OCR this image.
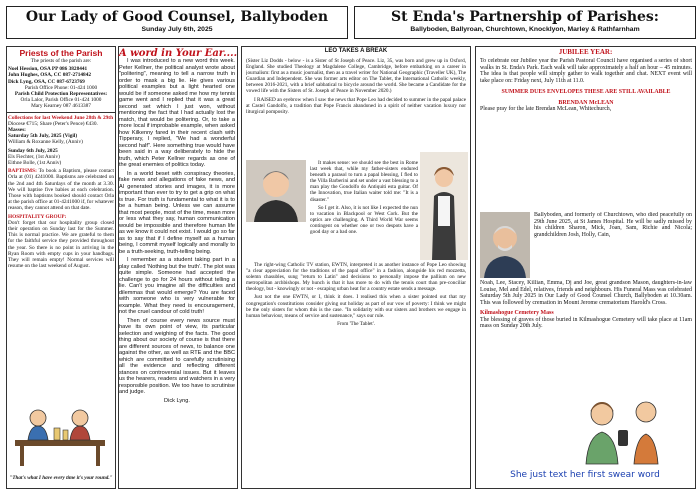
Our Lady of Good Counsel, Ballyboden
Sunday July 6th, 2025
St Enda's Partnership of Parishes:
Ballyboden, Ballyroan, Churchtown, Knocklyon, Marley & Rathfarnham
Priests of the Parish

The priests of the parish are:

Noel Hession, OSA PP 086 3828441
John Hughes, OSA, CC 087-2714842
Dick Lyng, OSA, CC 087-6723769
Parish Office Phone: 01-424 1000
Parish Child Protection Representatives:
Orla Lalor, Parish Office 01-424 1000

Mary Kearney 087 4613387

Collections for last Weekend June 28th & 29th
Diocese €715; Share (Peter's Pence) €430.
Masses:
Saturday 5th July, 2025 (Vigil)

William & Roxanne Kelly, (Anniv)

Sunday 6th July, 2025
Els Fiechter, (1st Anniv)

Eithne Bolle, (1st Anniv)

BAPTISMS: To book a Baptism, please contact Orla at (01) 4241000. Baptisms are celebrated on the 2nd and 4th Saturdays of the month at 3.30. We will baptise five babies at each celebration. Those with baptisms booked should contact Orla at the parish office at 01-4241000 if, for whatever reason, they cannot attend on that date.

HOSPITALITY GROUP:

Don't forget that our hospitality group closed their operation on Sunday last for the Summer. This is normal practice. We are grateful to them for the faithful service they provided throughout the year. So there is no point in arriving in the Ryan Room with empty cups in your handbags. They will remain empty! Normal services will resume on the last weekend of August.

"That's what I have every time it's your round."
A word in Your Ear....

I was introduced to a new word this week. Peter Kellner, the political analyst wrote about "politering", meaning to tell a narrow truth in order to mask a big lie. He gives various political examples but a light hearted one would be if someone asked me how my tennis game went and I replied that it was a great second set which I just won, without mentioning the fact that I had actually lost the match, that would be politering. Or, to take a more local if improbable example, when asked how Kilkenny fared in their recent clash with Tipperary, I replied, "We had a wonderful second half". Here something true would have been said in a way deliberately to hide the truth, which Peter Kellner regards as one of the great enemies of politics today.

In a world beset with conspiracy theories, fake news and allegations of fake news, and AI generated stories and images, it is more important than ever to try to get a grip on what is true. For truth is fundamental to what it is to be a human being. Unless we can assume that most people, most of the time, mean more or less what they say, human communication would be impossible and therefore human life as we know it could not exist. I would go so far as to say that if I define myself as a human being, I commit myself logically and morally to be a truth-seeking, truth-telling being.

I remember as a student taking part in a play called 'Nothing but the truth'. The plot was quite simple. Someone had accepted the challenge to go for 24 hours without telling a lie. Can't you imagine all the difficulties and dilemmas that would emerge? You are faced with someone who is very vulnerable for example. What they need is encouragement, not the cruel candour of cold truth!

Then of course every news source must have its own point of view, its particular selection and weighing of the facts. The good thing about our society of course is that there are different sources of news, to balance one against the other, as well as RTE and the BBC which are committed to carefully scrutinising all the evidence and reflecting different stances on controversial issues. But it leaves us the hearers, readers and watchers in a very responsible position. We too have to scrutinise and judge.

Dick Lyng.
LEO TAKES A BREAK

(Sister Liz Dodds - below - is a Sister of St Joseph of Peace. Liz, 35, was born and grew up in Oxford, England. She studied Theology at Magdalene College, Cambridge, before embarking on a career in journalism: first as a music journalist, then as a travel writer for National Geographic (Traveller UK), The Guardian and Independent. She was former arts editor on The Tablet, the International Catholic weekly, between 2016-2021, with a brief sabbatical to bicycle around the world. She became a Candidate for the vowed life with the Sisters of St. Joseph of Peace in November 2020.)

I RAISED an eyebrow when I saw the news that Pope Leo had decided to summer in the papal palace at Castel Gandolfo, a tradition that Pope Francis abandoned in a spirit of neither vacation luxury nor liturgical pomposity.

It makes sense: we should see the best in Rome last week that, while my father-sisters endured beneath a parasol to turn a papal blessing, I fled to the Villa Barberini and set under a vast blessing to a man play the Gondolfo do Antiquiti esta guitar. Of the Innovation, true Italian waiter told me: "It is a disaster."

So I get it. Also, it is not like I expected the nun to vacation in Blackpool or West Cork. But the optics are challenging. A Third World War seems contingent on whether one or two despots have a good day or a bad one.

The right-wing Catholic TV station, EWTN, interpreted it as another instance of Pope Leo showing "a clear appreciation for the traditions of the papal office" in a fashion, alongside his red mozzetta, solemn chasubles, sung "return to Latin" and decisions to personally impose the pallium on new metropolitan archbishops. My hunch is that it has more to do with the tennis court than pre-conciliar theology, but - knowingly or not - escaping urban heat for a country estate sends a message.

Just not the one EWTN, or I, think it does. I realised this when a sister pointed out that my congregation's constitutions consider giving out holiday as part of our vow of poverty: I think we might be the only sisters for whom this is the case. "In solidarity with our sisters and brothers we engage in human behaviour, means of service and sustenance," says our rule.

From 'The Tablet'.
JUBILEE YEAR:

To celebrate our Jubilee year the Parish Pastoral Council have organised a series of short walks in St. Enda's Park. Each walk will take approximately a half an hour – 45 minutes. The idea is that people will simply gather to walk together and chat. NEXT event will take place on: Friday next, July 11th at 11.0.

SUMMER DUES ENVELOPES THESE ARE STILL AVAILABLE

BRENDAN McLEAN
Please pray for the late Brendan McLean, Whitechurch,
Ballyboden, and formerly of Churchtown, who died peacefully on 29th June 2025, at St James Hospital. He will be sadly missed by his children Sharon, Mick, Joan, Sam, Richie and Nicola; grandchildren Josh, Holly, Cain,

Noah, Lee, Stacey, Killian, Emma, Dj and Joe, great grandson Mason, daughters-in-law Louise, Mel and Edel, relatives, friends and neighbours. His Funeral Mass was celebrated Saturday 5th July 2025 in Our Lady of Good Counsel Church, Ballyboden at 10.30am. This was followed by cremation in Mount Jerome crematorium Harold's Cross.

Kilmashogue Cemetery Mass

The blessing of graves of those buried in Kilmashogue Cemetery will take place at 11am mass on Sunday 20th July.

She just text her first swear word
